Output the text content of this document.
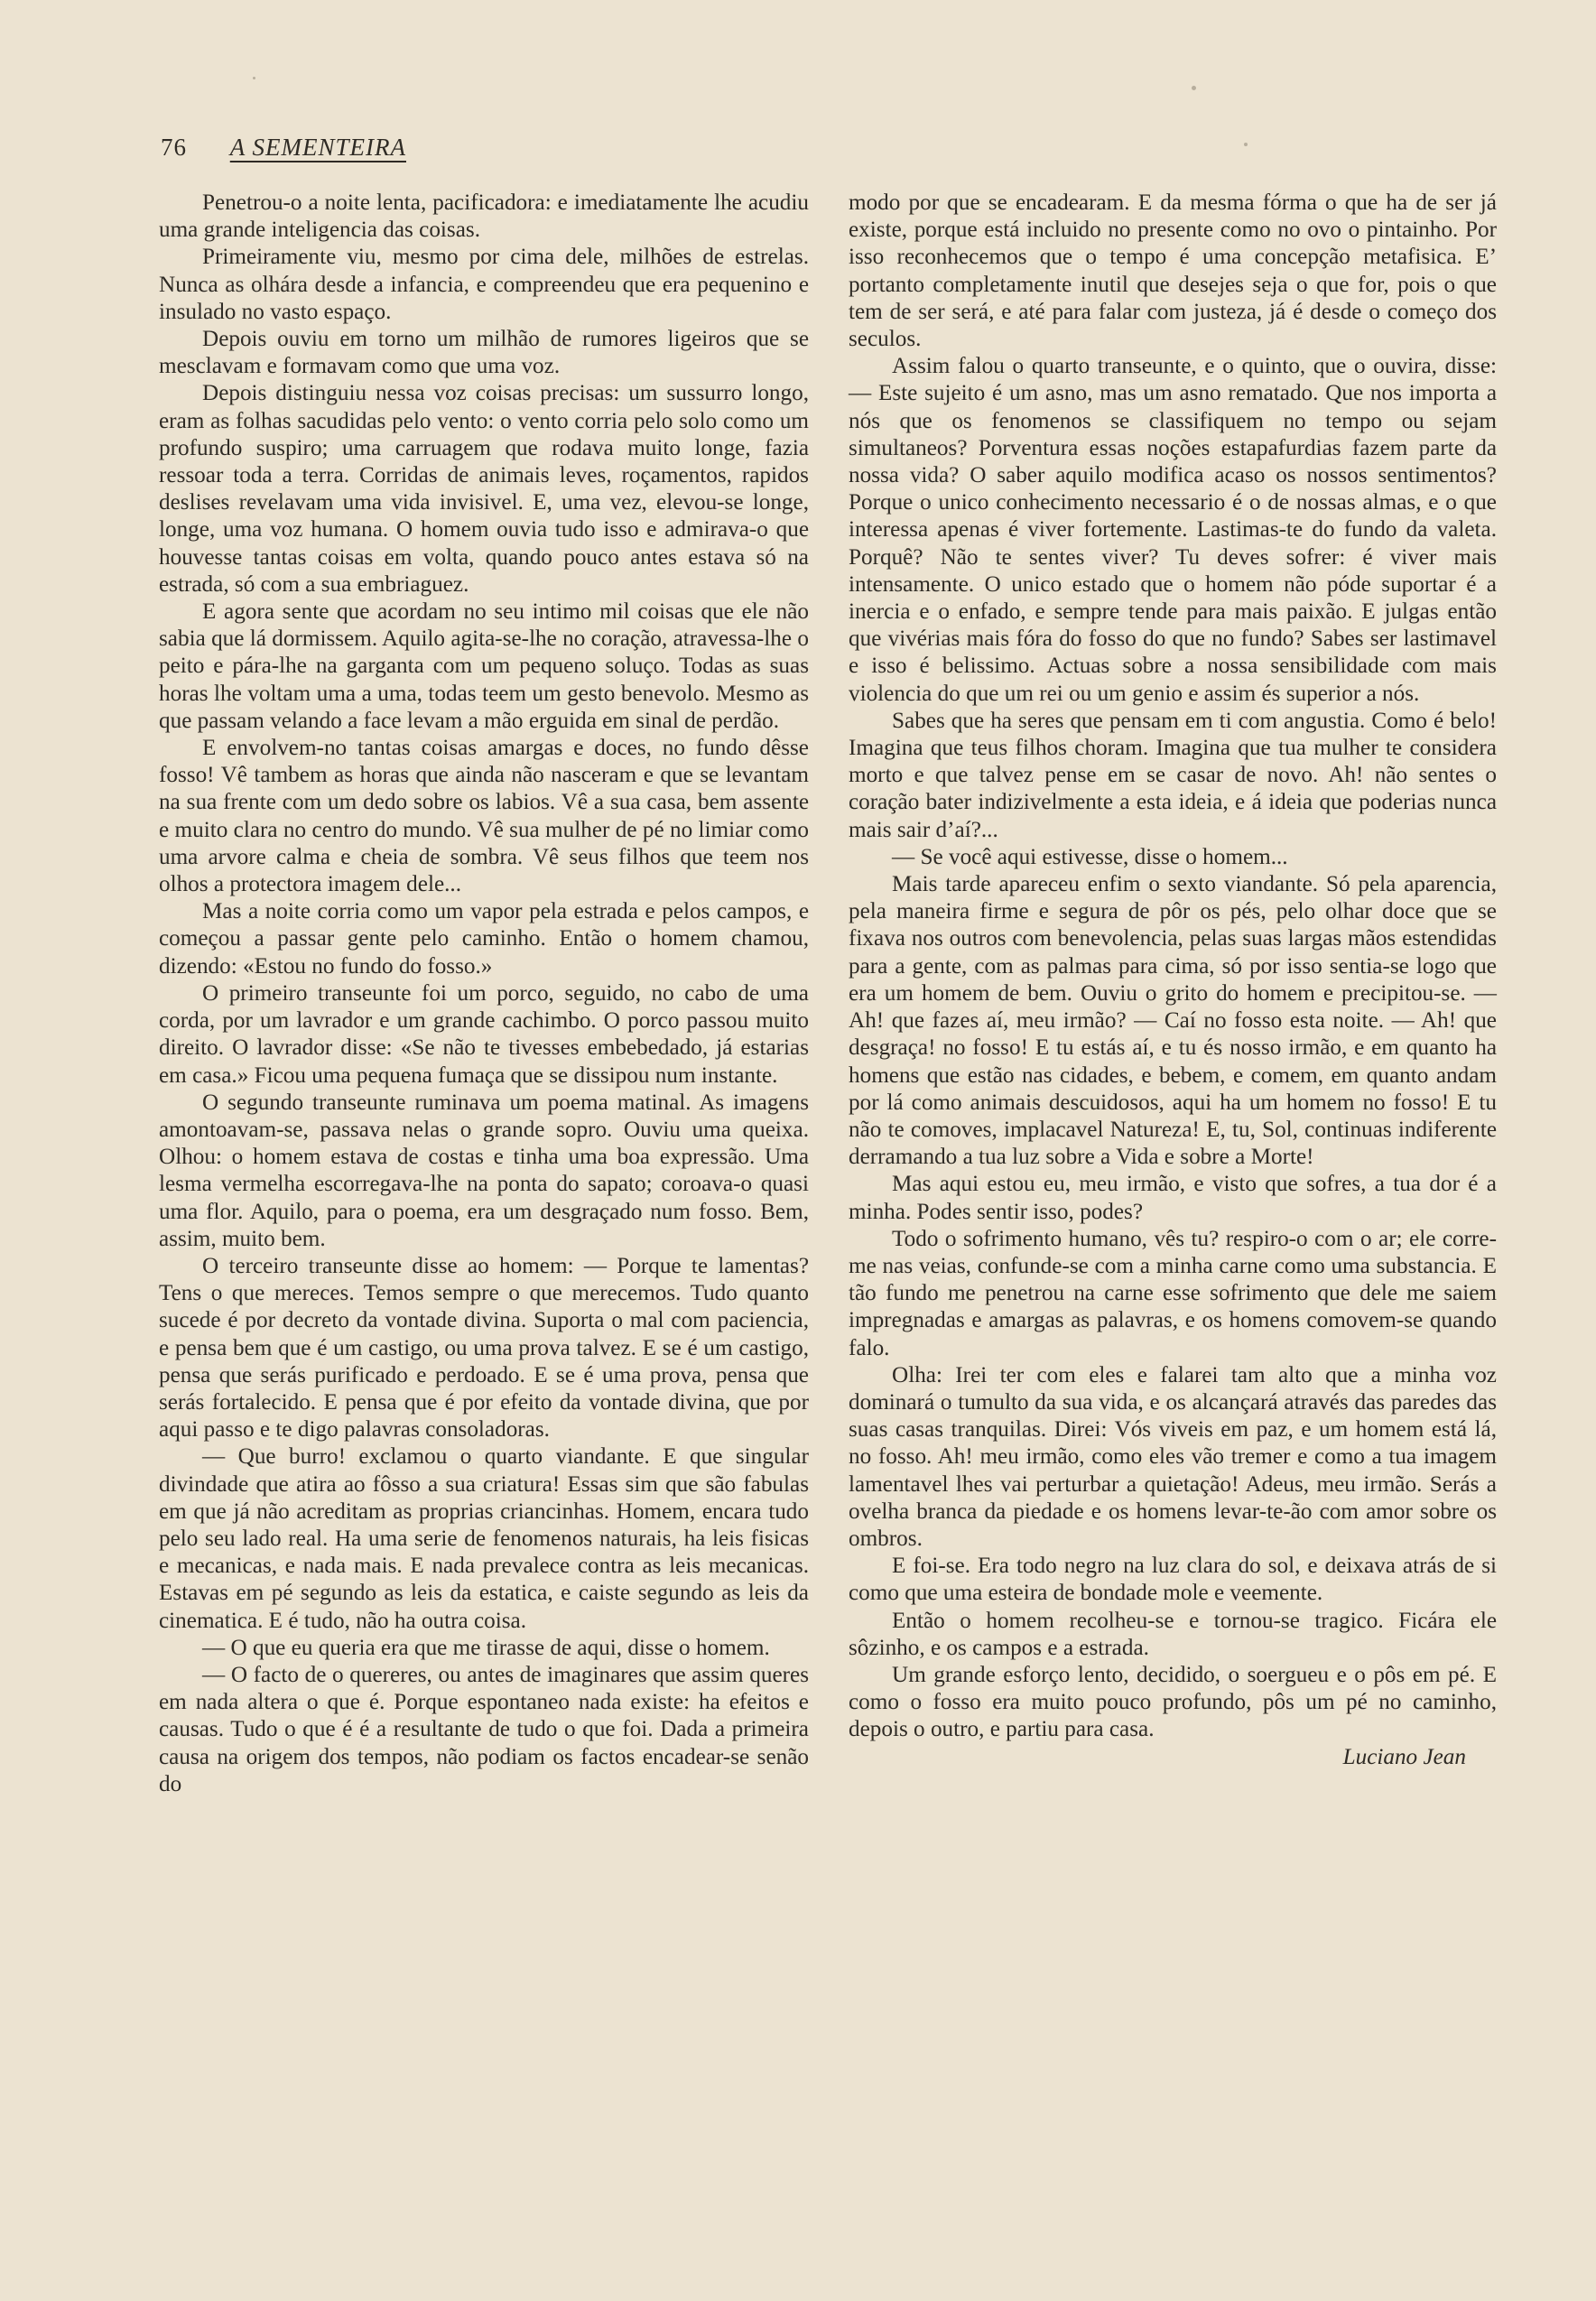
76 A SEMENTEIRA

Penetrou-o a noite lenta, pacificadora: e imediatamente lhe acudiu uma grande inteligencia das coisas.

Primeiramente viu, mesmo por cima dele, milhões de estrelas. Nunca as olhára desde a infancia, e compreendeu que era pequenino e insulado no vasto espaço.

Depois ouviu em torno um milhão de rumores ligeiros que se mesclavam e formavam como que uma voz.

Depois distinguiu nessa voz coisas precisas: um sussurro longo, eram as folhas sacudidas pelo vento: o vento corria pelo solo como um profundo suspiro; uma carruagem que rodava muito longe, fazia ressoar toda a terra. Corridas de animais leves, roçamentos, rapidos deslises revelavam uma vida invisivel. E, uma vez, elevou-se longe, longe, uma voz humana. O homem ouvia tudo isso e admirava-o que houvesse tantas coisas em volta, quando pouco antes estava só na estrada, só com a sua embriaguez.

E agora sente que acordam no seu intimo mil coisas que ele não sabia que lá dormissem. Aquilo agita-se-lhe no coração, atravessa-lhe o peito e pára-lhe na garganta com um pequeno soluço. Todas as suas horas lhe voltam uma a uma, todas teem um gesto benevolo. Mesmo as que passam velando a face levam a mão erguida em sinal de perdão.

E envolvem-no tantas coisas amargas e doces, no fundo dêsse fosso! Vê tambem as horas que ainda não nasceram e que se levantam na sua frente com um dedo sobre os labios. Vê a sua casa, bem assente e muito clara no centro do mundo. Vê sua mulher de pé no limiar como uma arvore calma e cheia de sombra. Vê seus filhos que teem nos olhos a protectora imagem dele...

Mas a noite corria como um vapor pela estrada e pelos campos, e começou a passar gente pelo caminho. Então o homem chamou, dizendo: «Estou no fundo do fosso.»

O primeiro transeunte foi um porco, seguido, no cabo de uma corda, por um lavrador e um grande cachimbo. O porco passou muito direito. O lavrador disse: «Se não te tivesses embebedado, já estarias em casa.» Ficou uma pequena fumaça que se dissipou num instante.

O segundo transeunte ruminava um poema matinal. As imagens amontoavam-se, passava nelas o grande sopro. Ouviu uma queixa. Olhou: o homem estava de costas e tinha uma boa expressão. Uma lesma vermelha escorregava-lhe na ponta do sapato; coroava-o quasi uma flor. Aquilo, para o poema, era um desgraçado num fosso. Bem, assim, muito bem.

O terceiro transeunte disse ao homem: — Porque te lamentas? Tens o que mereces. Temos sempre o que merecemos. Tudo quanto sucede é por decreto da vontade divina. Suporta o mal com paciencia, e pensa bem que é um castigo, ou uma prova talvez. E se é um castigo, pensa que serás purificado e perdoado. E se é uma prova, pensa que serás fortalecido. E pensa que é por efeito da vontade divina, que por aqui passo e te digo palavras consoladoras.

— Que burro! exclamou o quarto viandante. E que singular divindade que atira ao fôsso a sua criatura! Essas sim que são fabulas em que já não acreditam as proprias criancinhas. Homem, encara tudo pelo seu lado real. Ha uma serie de fenomenos naturais, ha leis fisicas e mecanicas, e nada mais. E nada prevalece contra as leis mecanicas. Estavas em pé segundo as leis da estatica, e caiste segundo as leis da cinematica. E é tudo, não ha outra coisa.

— O que eu queria era que me tirasse de aqui, disse o homem.

— O facto de o quereres, ou antes de imaginares que assim queres em nada altera o que é. Porque espontaneo nada existe: ha efeitos e causas. Tudo o que é é a resultante de tudo o que foi. Dada a primeira causa na origem dos tempos, não podiam os factos encadear-se senão do

modo por que se encadearam. E da mesma fórma o que ha de ser já existe, porque está incluido no presente como no ovo o pintainho. Por isso reconhecemos que o tempo é uma concepção metafisica. E’ portanto completamente inutil que desejes seja o que for, pois o que tem de ser será, e até para falar com justeza, já é desde o começo dos seculos.

Assim falou o quarto transeunte, e o quinto, que o ouvira, disse: — Este sujeito é um asno, mas um asno rematado. Que nos importa a nós que os fenomenos se classifiquem no tempo ou sejam simultaneos? Porventura essas noções estapafurdias fazem parte da nossa vida? O saber aquilo modifica acaso os nossos sentimentos? Porque o unico conhecimento necessario é o de nossas almas, e o que interessa apenas é viver fortemente. Lastimas-te do fundo da valeta. Porquê? Não te sentes viver? Tu deves sofrer: é viver mais intensamente. O unico estado que o homem não póde suportar é a inercia e o enfado, e sempre tende para mais paixão. E julgas então que vivérias mais fóra do fosso do que no fundo? Sabes ser lastimavel e isso é belissimo. Actuas sobre a nossa sensibilidade com mais violencia do que um rei ou um genio e assim és superior a nós.

Sabes que ha seres que pensam em ti com angustia. Como é belo! Imagina que teus filhos choram. Imagina que tua mulher te considera morto e que talvez pense em se casar de novo. Ah! não sentes o coração bater indizivelmente a esta ideia, e á ideia que poderias nunca mais sair d’aí?...

— Se você aqui estivesse, disse o homem...

Mais tarde apareceu enfim o sexto viandante. Só pela aparencia, pela maneira firme e segura de pôr os pés, pelo olhar doce que se fixava nos outros com benevolencia, pelas suas largas mãos estendidas para a gente, com as palmas para cima, só por isso sentia-se logo que era um homem de bem. Ouviu o grito do homem e precipitou-se. — Ah! que fazes aí, meu irmão? — Caí no fosso esta noite. — Ah! que desgraça! no fosso! E tu estás aí, e tu és nosso irmão, e em quanto ha homens que estão nas cidades, e bebem, e comem, em quanto andam por lá como animais descuidosos, aqui ha um homem no fosso! E tu não te comoves, implacavel Natureza! E, tu, Sol, continuas indiferente derramando a tua luz sobre a Vida e sobre a Morte!

Mas aqui estou eu, meu irmão, e visto que sofres, a tua dor é a minha. Podes sentir isso, podes?

Todo o sofrimento humano, vês tu? respiro-o com o ar; ele corre-me nas veias, confunde-se com a minha carne como uma substancia. E tão fundo me penetrou na carne esse sofrimento que dele me saiem impregnadas e amargas as palavras, e os homens comovem-se quando falo.

Olha: Irei ter com eles e falarei tam alto que a minha voz dominará o tumulto da sua vida, e os alcançará através das paredes das suas casas tranquilas. Direi: Vós viveis em paz, e um homem está lá, no fosso. Ah! meu irmão, como eles vão tremer e como a tua imagem lamentavel lhes vai perturbar a quietação! Adeus, meu irmão. Serás a ovelha branca da piedade e os homens levar-te-ão com amor sobre os ombros.

E foi-se. Era todo negro na luz clara do sol, e deixava atrás de si como que uma esteira de bondade mole e veemente.

Então o homem recolheu-se e tornou-se tragico. Ficára ele sôzinho, e os campos e a estrada.

Um grande esforço lento, decidido, o soergueu e o pôs em pé. E como o fosso era muito pouco profundo, pôs um pé no caminho, depois o outro, e partiu para casa.

Luciano Jean
